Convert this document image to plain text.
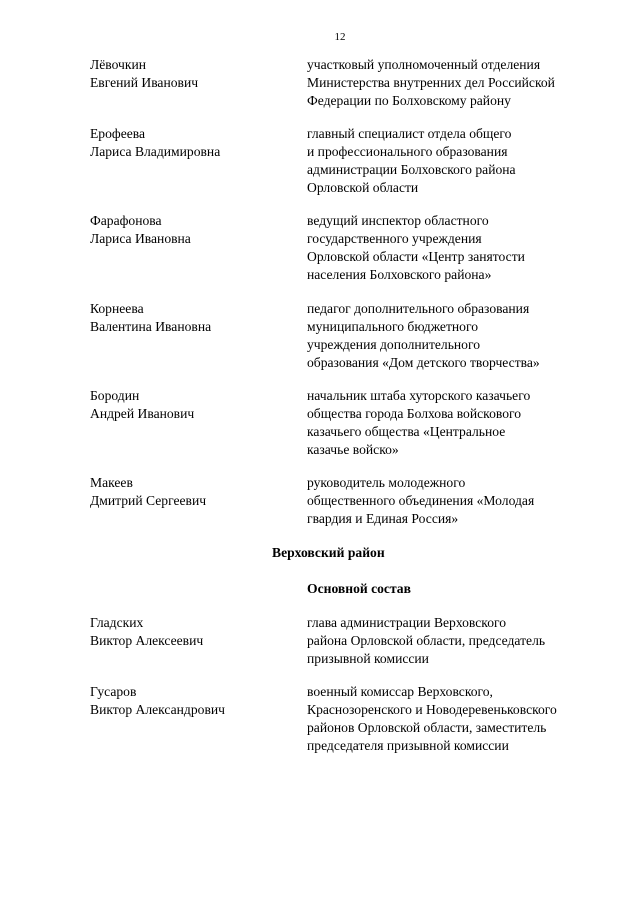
12
Лёвочкин
Евгений Иванович
участковый уполномоченный отделения
Министерства внутренних дел Российской
Федерации по Болховскому району
Ерофеева
Лариса Владимировна
главный специалист отдела общего
и профессионального образования
администрации Болховского района
Орловской области
Фарафонова
Лариса Ивановна
ведущий инспектор областного
государственного учреждения
Орловской области «Центр занятости
населения Болховского района»
Корнеева
Валентина Ивановна
педагог дополнительного образования
муниципального бюджетного
учреждения дополнительного
образования «Дом детского творчества»
Бородин
Андрей Иванович
начальник штаба хуторского казачьего
общества города Болхова войскового
казачьего общества «Центральное
казачье войско»
Макеев
Дмитрий Сергеевич
руководитель молодежного
общественного объединения «Молодая
гвардия и Единая Россия»
Верховский район
Основной состав
Гладских
Виктор Алексеевич
глава администрации Верховского
района Орловской области, председатель
призывной комиссии
Гусаров
Виктор Александрович
военный комиссар Верховского,
Краснозоренского и Новодеревеньковского
районов Орловской области, заместитель
председателя призывной комиссии
